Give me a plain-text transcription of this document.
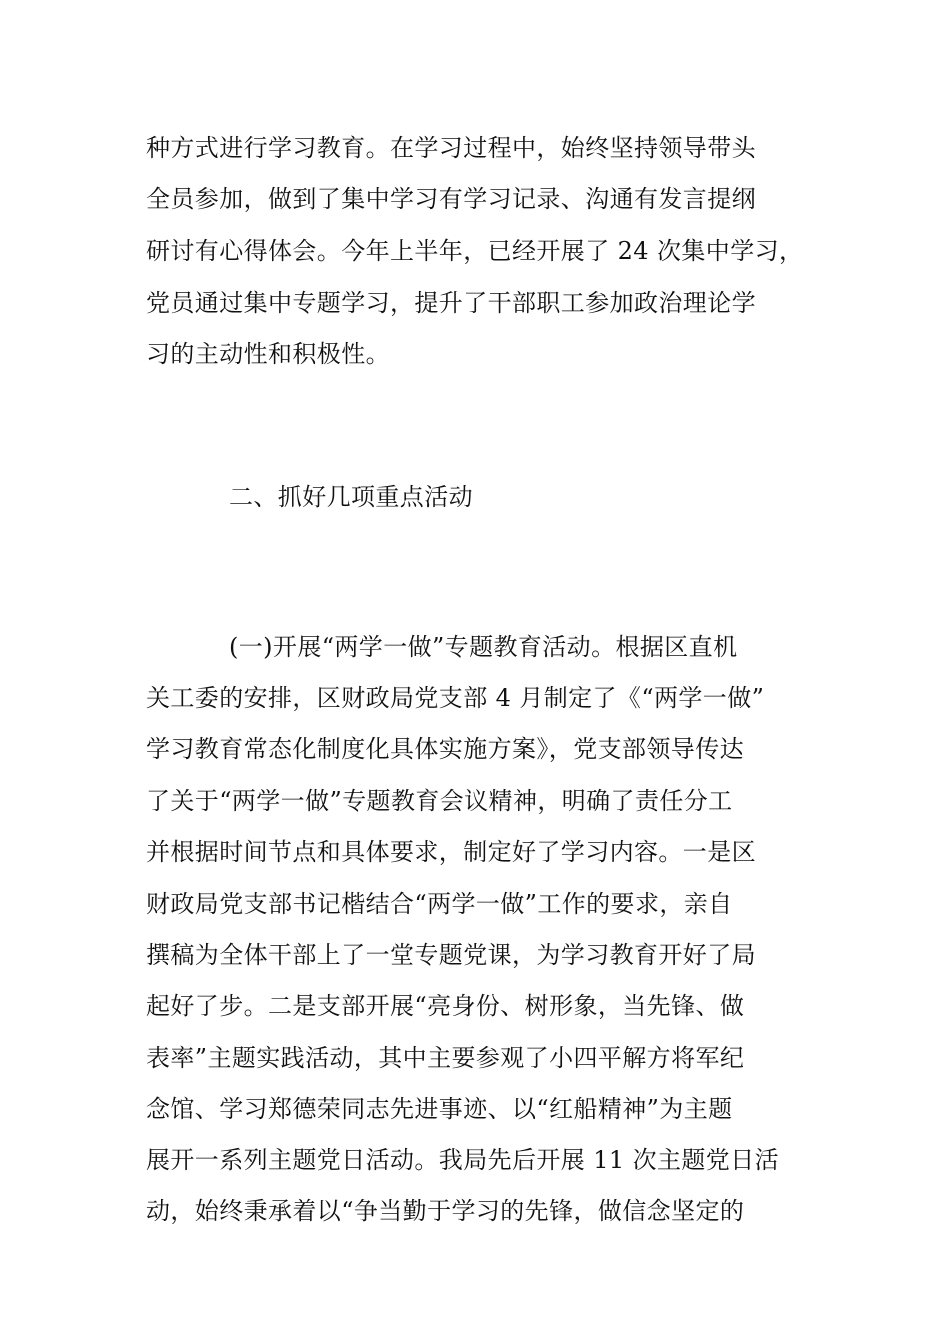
种方式进行学习教育。在学习过程中，始终坚持领导带头
全员参加，做到了集中学习有学习记录、沟通有发言提纲
研讨有心得体会。今年上半年，已经开展了 24 次集中学习，
党员通过集中专题学习，提升了干部职工参加政治理论学
习的主动性和积极性。
二、抓好几项重点活动
(一)开展“两学一做”专题教育活动。根据区直机
关工委的安排，区财政局党支部 4 月制定了《“两学一做”
学习教育常态化制度化具体实施方案》，党支部领导传达
了关于“两学一做”专题教育会议精神，明确了责任分工
并根据时间节点和具体要求，制定好了学习内容。一是区
财政局党支部书记楷结合“两学一做”工作的要求，亲自
撰稿为全体干部上了一堂专题党课，为学习教育开好了局
起好了步。二是支部开展“亮身份、树形象，当先锋、做
表率”主题实践活动，其中主要参观了小四平解方将军纪
念馆、学习郑德荣同志先进事迹、以“红船精神”为主题
展开一系列主题党日活动。我局先后开展 11 次主题党日活
动，始终秉承着以“争当勤于学习的先锋，做信念坚定的
